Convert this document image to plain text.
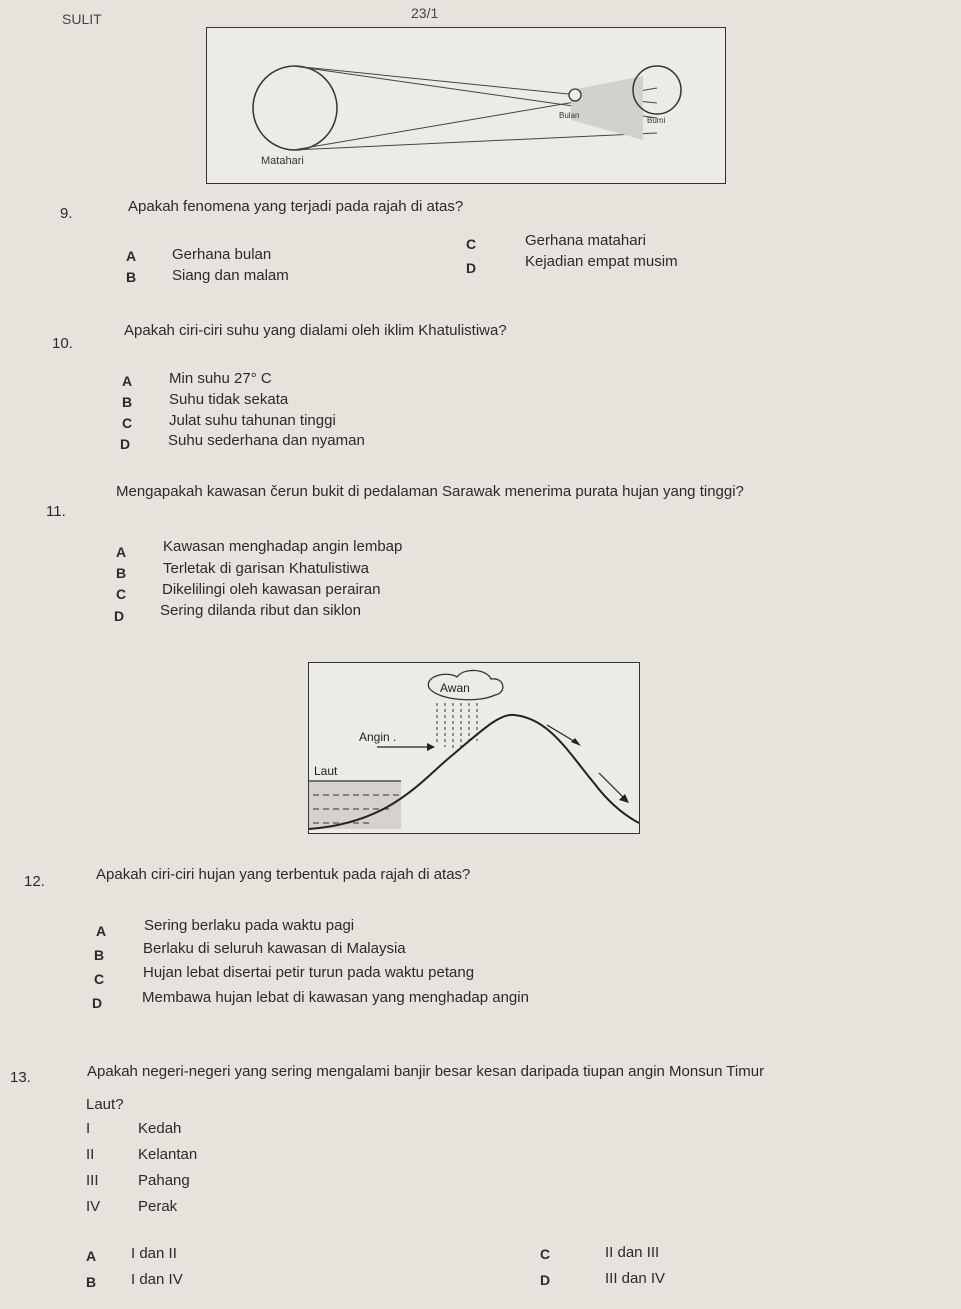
SULIT	23/1
Bulan
Bumi
Matahari
9.	Apakah fenomena yang terjadi pada rajah di atas?
A Gerhana bulan
B Siang dan malam
C	Gerhana matahari
D	Kejadian empat musim
10.
Apakah ciri-ciri suhu yang dialami oleh iklim Khatulistiwa?
A Min suhu 27° C
B Suhu tidak sekata
C Julat suhu tahunan tinggi
D	Suhu sederhana dan nyaman
11.
Mengapakah kawasan čerun bukit di pedalaman Sarawak menerima purata hujan yang tinggi?
A Kawasan menghadap angin lembap
B Terletak di garisan Khatulistiwa
C Dikelilingi oleh kawasan perairan
D Sering dilanda ribut dan siklon
Awan
Angin .
Laut
12.	Apakah ciri-ciri hujan yang terbentuk pada rajah di atas?
A	Sering berlaku pada waktu pagi
B	Berlaku di seluruh kawasan di Malaysia
C	Hujan lebat disertai petir turun pada waktu petang
D	Membawa hujan lebat di kawasan yang menghadap angin
13.	Apakah negeri-negeri yang sering mengalami banjir besar kesan daripada tiupan angin Monsun Timur
Laut?
I	Kedah
II	Kelantan
III	Pahang
IV	Perak
A I dan II
B I dan IV
C	II dan III
D	III dan IV
